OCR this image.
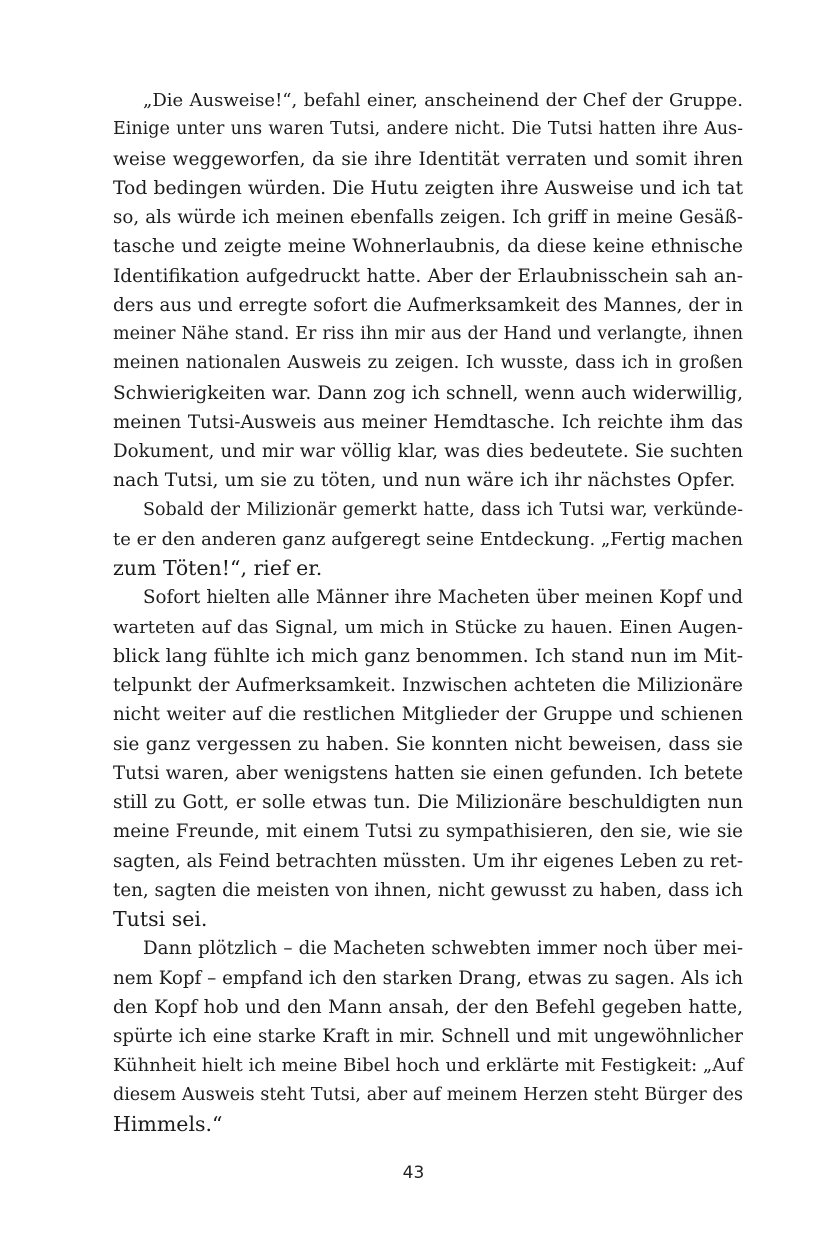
„Die Ausweise!“, befahl einer, anscheinend der Chef der Gruppe.
Einige unter uns waren Tutsi, andere nicht. Die Tutsi hatten ihre Aus-
weise weggeworfen, da sie ihre Identität verraten und somit ihren
Tod bedingen würden. Die Hutu zeigten ihre Ausweise und ich tat
so, als würde ich meinen ebenfalls zeigen. Ich griff in meine Gesäß-
tasche und zeigte meine Wohnerlaubnis, da diese keine ethnische
Identifikation aufgedruckt hatte. Aber der Erlaubnisschein sah an-
ders aus und erregte sofort die Aufmerksamkeit des Mannes, der in
meiner Nähe stand. Er riss ihn mir aus der Hand und verlangte, ihnen
meinen nationalen Ausweis zu zeigen. Ich wusste, dass ich in großen
Schwierigkeiten war. Dann zog ich schnell, wenn auch widerwillig,
meinen Tutsi-Ausweis aus meiner Hemdtasche. Ich reichte ihm das
Dokument, und mir war völlig klar, was dies bedeutete. Sie suchten
nach Tutsi, um sie zu töten, und nun wäre ich ihr nächstes Opfer.

Sobald der Milizionär gemerkt hatte, dass ich Tutsi war, verkünde-
te er den anderen ganz aufgeregt seine Entdeckung. „Fertig machen
zum Töten!“, rief er.

Sofort hielten alle Männer ihre Macheten über meinen Kopf und
warteten auf das Signal, um mich in Stücke zu hauen. Einen Augen-
blick lang fühlte ich mich ganz benommen. Ich stand nun im Mit-
telpunkt der Aufmerksamkeit. Inzwischen achteten die Milizionäre
nicht weiter auf die restlichen Mitglieder der Gruppe und schienen
sie ganz vergessen zu haben. Sie konnten nicht beweisen, dass sie
Tutsi waren, aber wenigstens hatten sie einen gefunden. Ich betete
still zu Gott, er solle etwas tun. Die Milizionäre beschuldigten nun
meine Freunde, mit einem Tutsi zu sympathisieren, den sie, wie sie
sagten, als Feind betrachten müssten. Um ihr eigenes Leben zu ret-
ten, sagten die meisten von ihnen, nicht gewusst zu haben, dass ich
Tutsi sei.

Dann plötzlich – die Macheten schwebten immer noch über mei-
nem Kopf – empfand ich den starken Drang, etwas zu sagen. Als ich
den Kopf hob und den Mann ansah, der den Befehl gegeben hatte,
spürte ich eine starke Kraft in mir. Schnell und mit ungewöhnlicher
Kühnheit hielt ich meine Bibel hoch und erklärte mit Festigkeit: „Auf
diesem Ausweis steht Tutsi, aber auf meinem Herzen steht Bürger des
Himmels.“

43
